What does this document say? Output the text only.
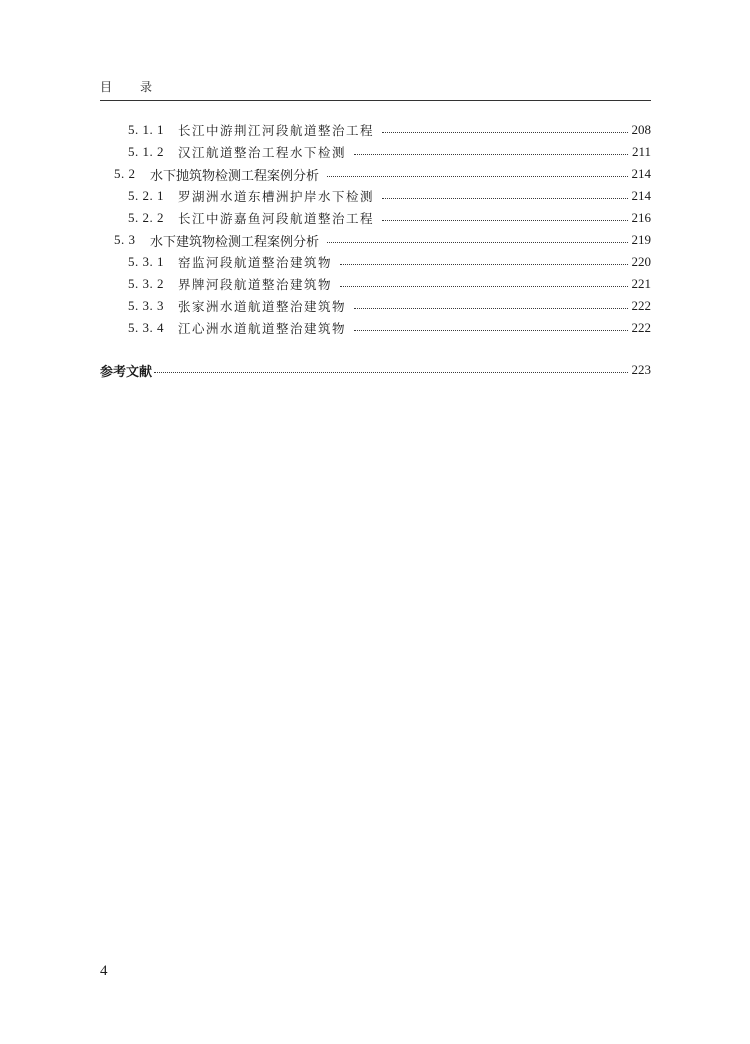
目录
5. 1. 1	长江中游荆江河段航道整治工程	208
5. 1. 2	汉江航道整治工程水下检测	211
5. 2	水下抛筑物检测工程案例分析	214
5. 2. 1	罗湖洲水道东槽洲护岸水下检测	214
5. 2. 2	长江中游嘉鱼河段航道整治工程	216
5. 3	水下建筑物检测工程案例分析	219
5. 3. 1	窑监河段航道整治建筑物	220
5. 3. 2	界牌河段航道整治建筑物	221
5. 3. 3	张家洲水道航道整治建筑物	222
5. 3. 4	江心洲水道航道整治建筑物	222
参考文献	223
4
